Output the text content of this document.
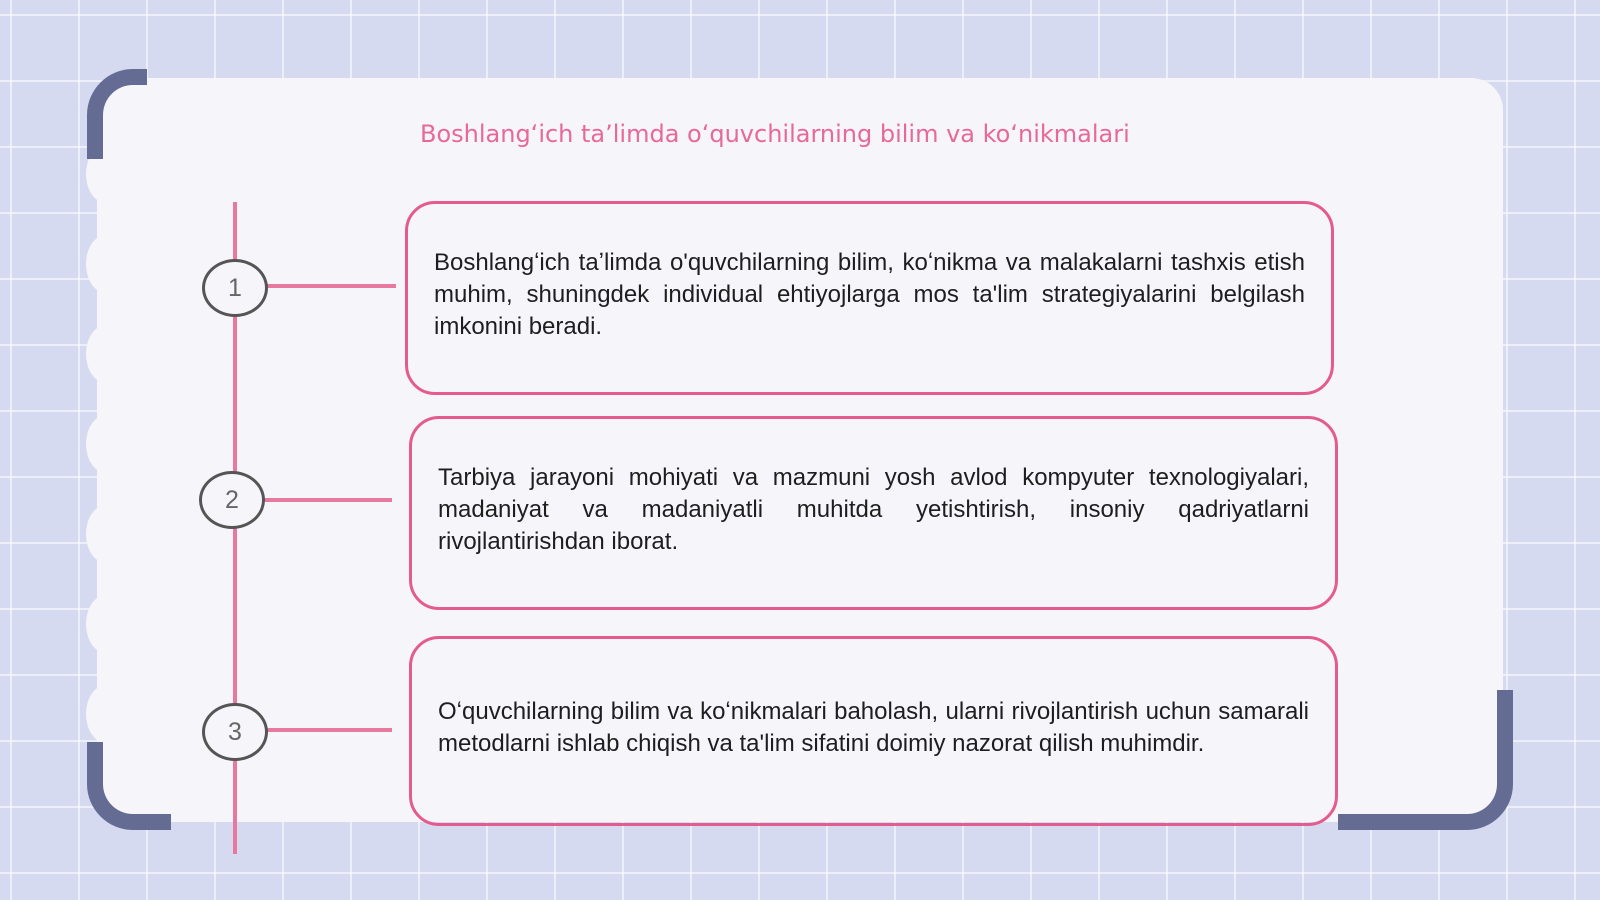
Boshlangʻich taʼlimda oʻquvchilarning bilim va koʻnikmalari
1

Boshlangʻich taʼlimda o'quvchilarning bilim, koʻnikma va malakalarni tashxis etish muhim, shuningdek individual ehtiyojlarga mos ta'lim strategiyalarini belgilash imkonini beradi.

2

Tarbiya jarayoni mohiyati va mazmuni yosh avlod kompyuter texnologiyalari, madaniyat va madaniyatli muhitda yetishtirish, insoniy qadriyatlarni rivojlantirishdan iborat.

3

Oʻquvchilarning bilim va koʻnikmalari baholash, ularni rivojlantirish uchun samarali metodlarni ishlab chiqish va ta'lim sifatini doimiy nazorat qilish muhimdir.
